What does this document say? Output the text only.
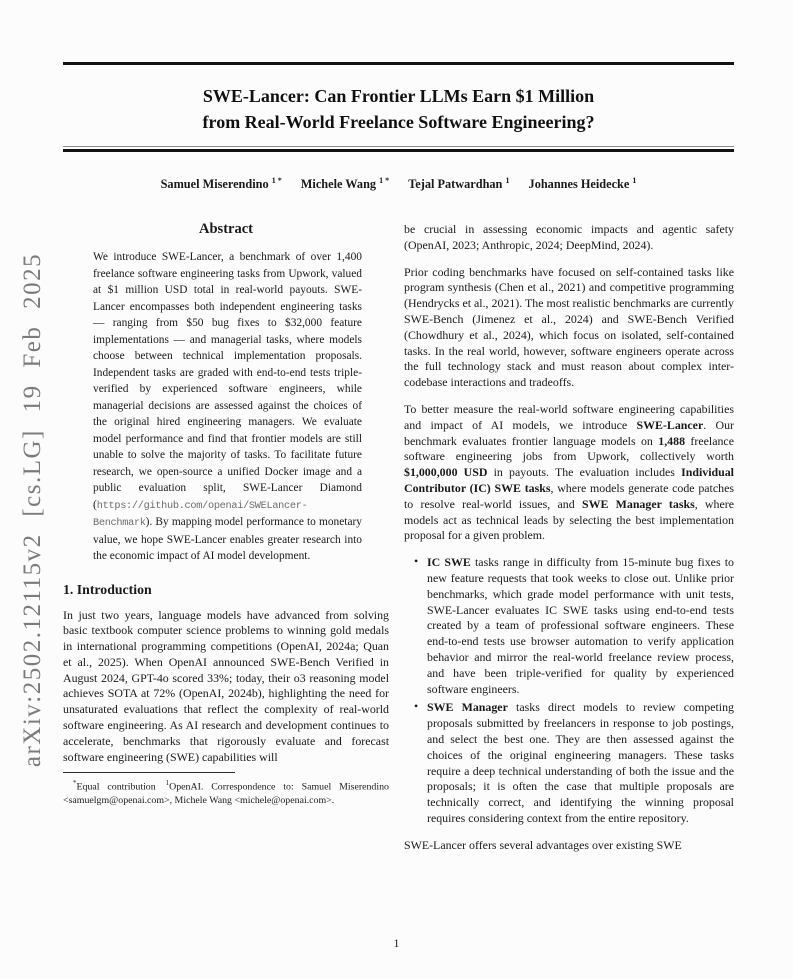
arXiv:2502.12115v2 [cs.LG] 19 Feb 2025
SWE-Lancer: Can Frontier LLMs Earn $1 Million
from Real-World Freelance Software Engineering?
Samuel Miserendino $^{1 *}$ Michele Wang $^{1 *}$ Tejal Patwardhan $^1$ Johannes Heidecke $^1$
Abstract

We introduce SWE-Lancer, a benchmark of over 1,400 freelance software engineering tasks from Upwork, valued at $1 million USD total in real-world payouts. SWE-Lancer encompasses both independent engineering tasks — ranging from $50 bug fixes to $32,000 feature implementations — and managerial tasks, where models choose between technical implementation proposals. Independent tasks are graded with end-to-end tests triple-verified by experienced software engineers, while managerial decisions are assessed against the choices of the original hired engineering managers. We evaluate model performance and find that frontier models are still unable to solve the majority of tasks. To facilitate future research, we open-source a unified Docker image and a public evaluation split, SWE-Lancer Diamond (https://github.com/openai/SWELancer-Benchmark). By mapping model performance to monetary value, we hope SWE-Lancer enables greater research into the economic impact of AI model development.

1. Introduction

In just two years, language models have advanced from solving basic textbook computer science problems to winning gold medals in international programming competitions (OpenAI, 2024a; Quan et al., 2025). When OpenAI announced SWE-Bench Verified in August 2024, GPT-4o scored 33%; today, their o3 reasoning model achieves SOTA at 72% (OpenAI, 2024b), highlighting the need for unsaturated evaluations that reflect the complexity of real-world software engineering. As AI research and development continues to accelerate, benchmarks that rigorously evaluate and forecast software engineering (SWE) capabilities will

*Equal contribution $^1$OpenAI. Correspondence to: Samuel Miserendino <samuelgm@openai.com>, Michele Wang <michele@openai.com>.

be crucial in assessing economic impacts and agentic safety (OpenAI, 2023; Anthropic, 2024; DeepMind, 2024).

Prior coding benchmarks have focused on self-contained tasks like program synthesis (Chen et al., 2021) and competitive programming (Hendrycks et al., 2021). The most realistic benchmarks are currently SWE-Bench (Jimenez et al., 2024) and SWE-Bench Verified (Chowdhury et al., 2024), which focus on isolated, self-contained tasks. In the real world, however, software engineers operate across the full technology stack and must reason about complex inter-codebase interactions and tradeoffs.

To better measure the real-world software engineering capabilities and impact of AI models, we introduce SWE-Lancer. Our benchmark evaluates frontier language models on 1,488 freelance software engineering jobs from Upwork, collectively worth $1,000,000 USD in payouts. The evaluation includes Individual Contributor (IC) SWE tasks, where models generate code patches to resolve real-world issues, and SWE Manager tasks, where models act as technical leads by selecting the best implementation proposal for a given problem.

• IC SWE tasks range in difficulty from 15-minute bug fixes to new feature requests that took weeks to close out. Unlike prior benchmarks, which grade model performance with unit tests, SWE-Lancer evaluates IC SWE tasks using end-to-end tests created by a team of professional software engineers. These end-to-end tests use browser automation to verify application behavior and mirror the real-world freelance review process, and have been triple-verified for quality by experienced software engineers.
• SWE Manager tasks direct models to review competing proposals submitted by freelancers in response to job postings, and select the best one. They are then assessed against the choices of the original engineering managers. These tasks require a deep technical understanding of both the issue and the proposals; it is often the case that multiple proposals are technically correct, and identifying the winning proposal requires considering context from the entire repository.

SWE-Lancer offers several advantages over existing SWE

1
